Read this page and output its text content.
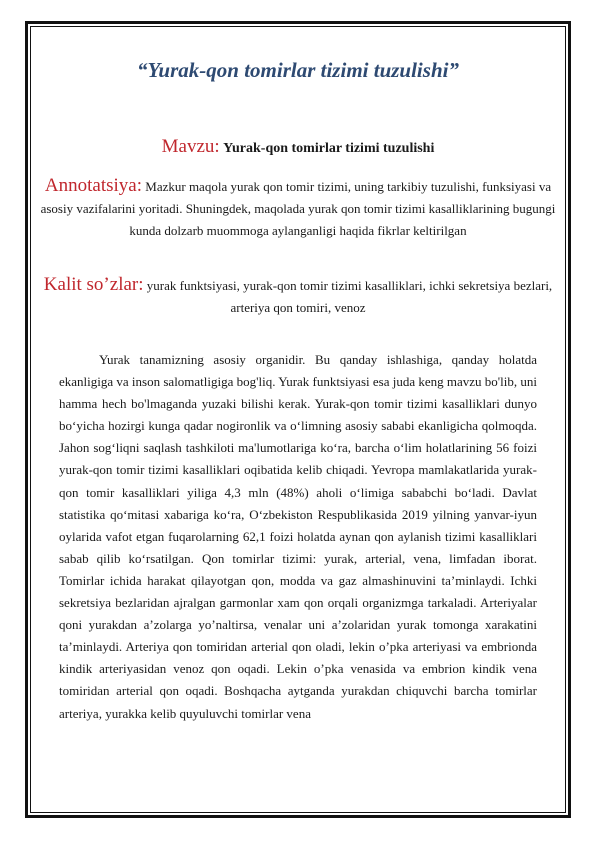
“Yurak-qon tomirlar tizimi tuzulishi”

Mavzu: Yurak-qon tomirlar tizimi tuzulishi

Annotatsiya: Mazkur maqola yurak qon tomir tizimi, uning tarkibiy tuzulishi, funksiyasi va asosiy vazifalarini yoritadi. Shuningdek, maqolada yurak qon tomir tizimi kasalliklarining bugungi kunda dolzarb muommoga aylanganligi haqida fikrlar keltirilgan

Kalit so’zlar: yurak funktsiyasi, yurak-qon tomir tizimi kasalliklari, ichki sekretsiya bezlari, arteriya qon tomiri, venoz

Yurak tanamizning asosiy organidir. Bu qanday ishlashiga, qanday holatda ekanligiga va inson salomatligiga bog'liq. Yurak funktsiyasi esa juda keng mavzu bo'lib, uni hamma hech bo'lmaganda yuzaki bilishi kerak. Yurak-qon tomir tizimi kasalliklari dunyo bo‘yicha hozirgi kunga qadar nogironlik va o‘limning asosiy sababi ekanligicha qolmoqda. Jahon sog‘liqni saqlash tashkiloti ma'lumotlariga ko‘ra, barcha o‘lim holatlarining 56 foizi yurak-qon tomir tizimi kasalliklari oqibatida kelib chiqadi. Yevropa mamlakatlarida yurak-qon tomir kasalliklari yiliga 4,3 mln (48%) aholi o‘limiga sababchi bo‘ladi. Davlat statistika qo‘mitasi xabariga ko‘ra, O‘zbekiston Respublikasida 2019 yilning yanvar-iyun oylarida vafot etgan fuqarolarning 62,1 foizi holatda aynan qon aylanish tizimi kasalliklari sabab qilib ko‘rsatilgan. Qon tomirlar tizimi: yurak, arterial, vena, limfadan iborat. Tomirlar ichida harakat qilayotgan qon, modda va gaz almashinuvini ta’minlaydi. Ichki sekretsiya bezlaridan ajralgan garmonlar xam qon orqali organizmga tarkaladi. Arteriyalar qoni yurakdan a’zolarga yo’naltirsa, venalar uni a’zolaridan yurak tomonga xarakatini ta’minlaydi. Arteriya qon tomiridan arterial qon oladi, lekin o’pka arteriyasi va embrionda kindik arteriyasidan venoz qon oqadi. Lekin o’pka venasida va embrion kindik vena tomiridan arterial qon oqadi. Boshqacha aytganda yurakdan chiquvchi barcha tomirlar arteriya, yurakka kelib quyuluvchi tomirlar vena
